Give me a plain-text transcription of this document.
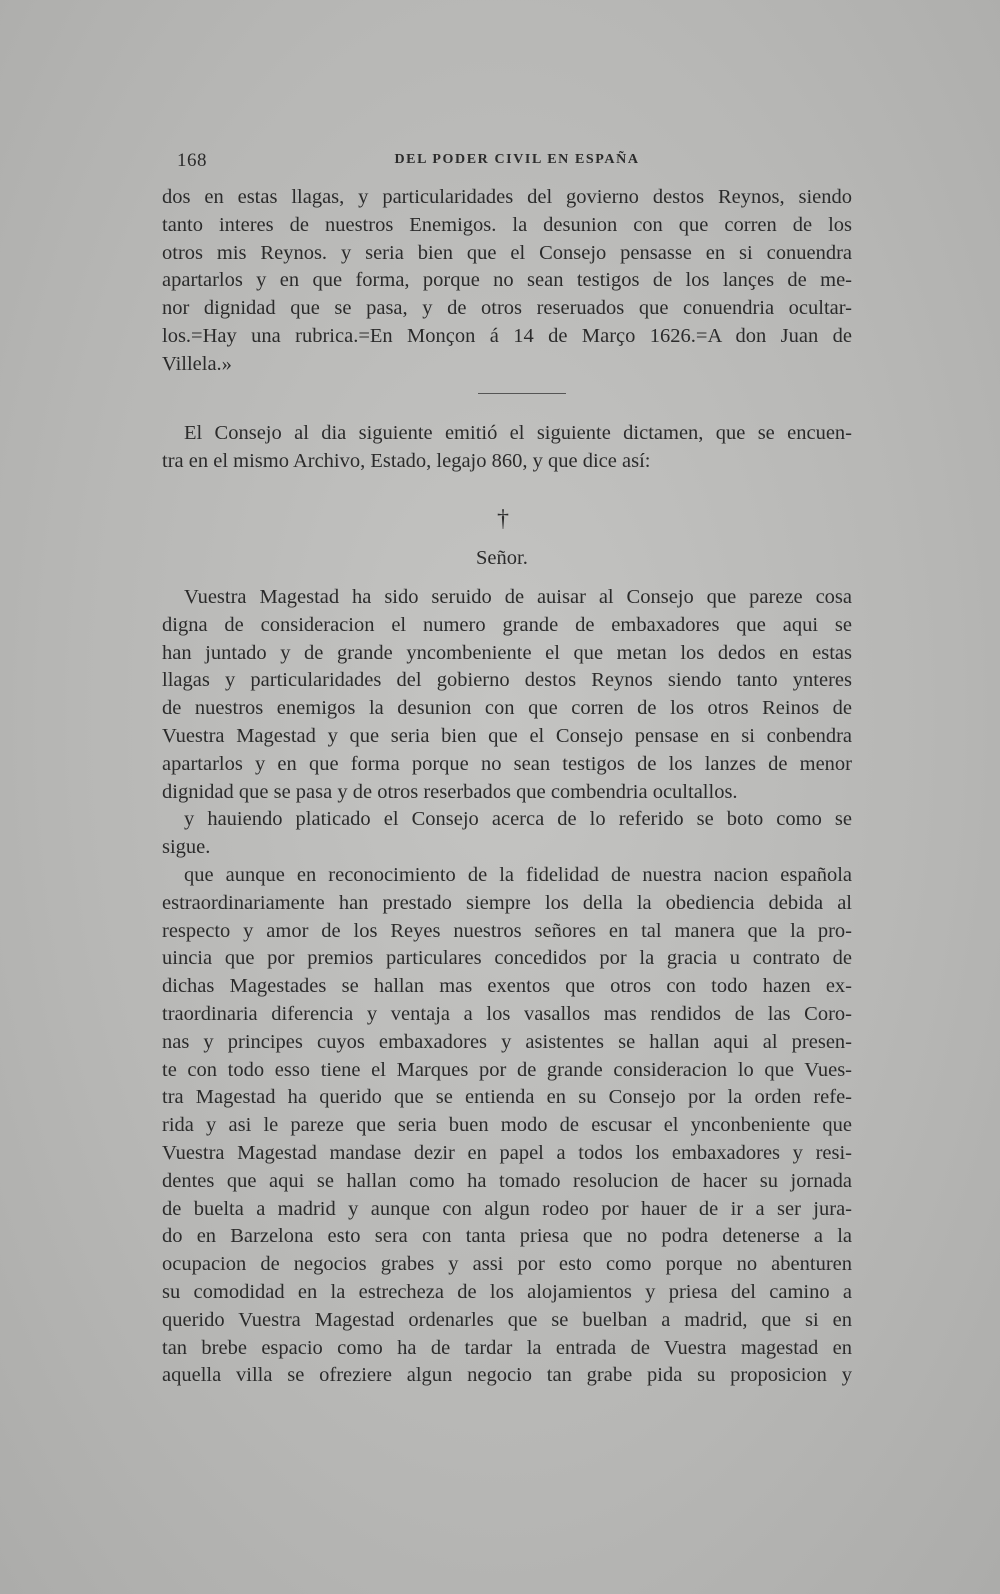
168	DEL PODER CIVIL EN ESPAÑA
dos en estas llagas, y particularidades del govierno destos Reynos, siendo
tanto interes de nuestros Enemigos. la desunion con que corren de los
otros mis Reynos. y seria bien que el Consejo pensasse en si conuendra
apartarlos y en que forma, porque no sean testigos de los lanҫes de me-
nor dignidad que se pasa, y de otros reseruados que conuendria ocultar-
los.=Hay una rubrica.=En Monҫon á 14 de Marҫo 1626.=A don Juan de
Villela.»
El Consejo al dia siguiente emitió el siguiente dictamen, que se encuen-
tra en el mismo Archivo, Estado, legajo 860, y que dice así:
†
Señor.
Vuestra Magestad ha sido seruido de auisar al Consejo que pareze cosa
digna de consideracion el numero grande de embaxadores que aqui se
han juntado y de grande yncombeniente el que metan los dedos en estas
llagas y particularidades del gobierno destos Reynos siendo tanto ynteres
de nuestros enemigos la desunion con que corren de los otros Reinos de
Vuestra Magestad y que seria bien que el Consejo pensase en si conbendra
apartarlos y en que forma porque no sean testigos de los lanzes de menor
dignidad que se pasa y de otros reserbados que combendria ocultallos.
y hauiendo platicado el Consejo acerca de lo referido se boto como se
sigue.
que aunque en reconocimiento de la fidelidad de nuestra nacion española
estraordinariamente han prestado siempre los della la obediencia debida al
respecto y amor de los Reyes nuestros señores en tal manera que la pro-
uincia que por premios particulares concedidos por la gracia u contrato de
dichas Magestades se hallan mas exentos que otros con todo hazen ex-
traordinaria diferencia y ventaja a los vasallos mas rendidos de las Coro-
nas y principes cuyos embaxadores y asistentes se hallan aqui al presen-
te con todo esso tiene el Marques por de grande consideracion lo que Vues-
tra Magestad ha querido que se entienda en su Consejo por la orden refe-
rida y asi le pareze que seria buen modo de escusar el ynconbeniente que
Vuestra Magestad mandase dezir en papel a todos los embaxadores y resi-
dentes que aqui se hallan como ha tomado resolucion de hacer su jornada
de buelta a madrid y aunque con algun rodeo por hauer de ir a ser jura-
do en Barzelona esto sera con tanta priesa que no podra detenerse a la
ocupacion de negocios grabes y assi por esto como porque no abenturen
su comodidad en la estrecheza de los alojamientos y priesa del camino a
querido Vuestra Magestad ordenarles que se buelban a madrid, que si en
tan brebe espacio como ha de tardar la entrada de Vuestra magestad en
aquella villa se ofreziere algun negocio tan grabe pida su proposicion y
